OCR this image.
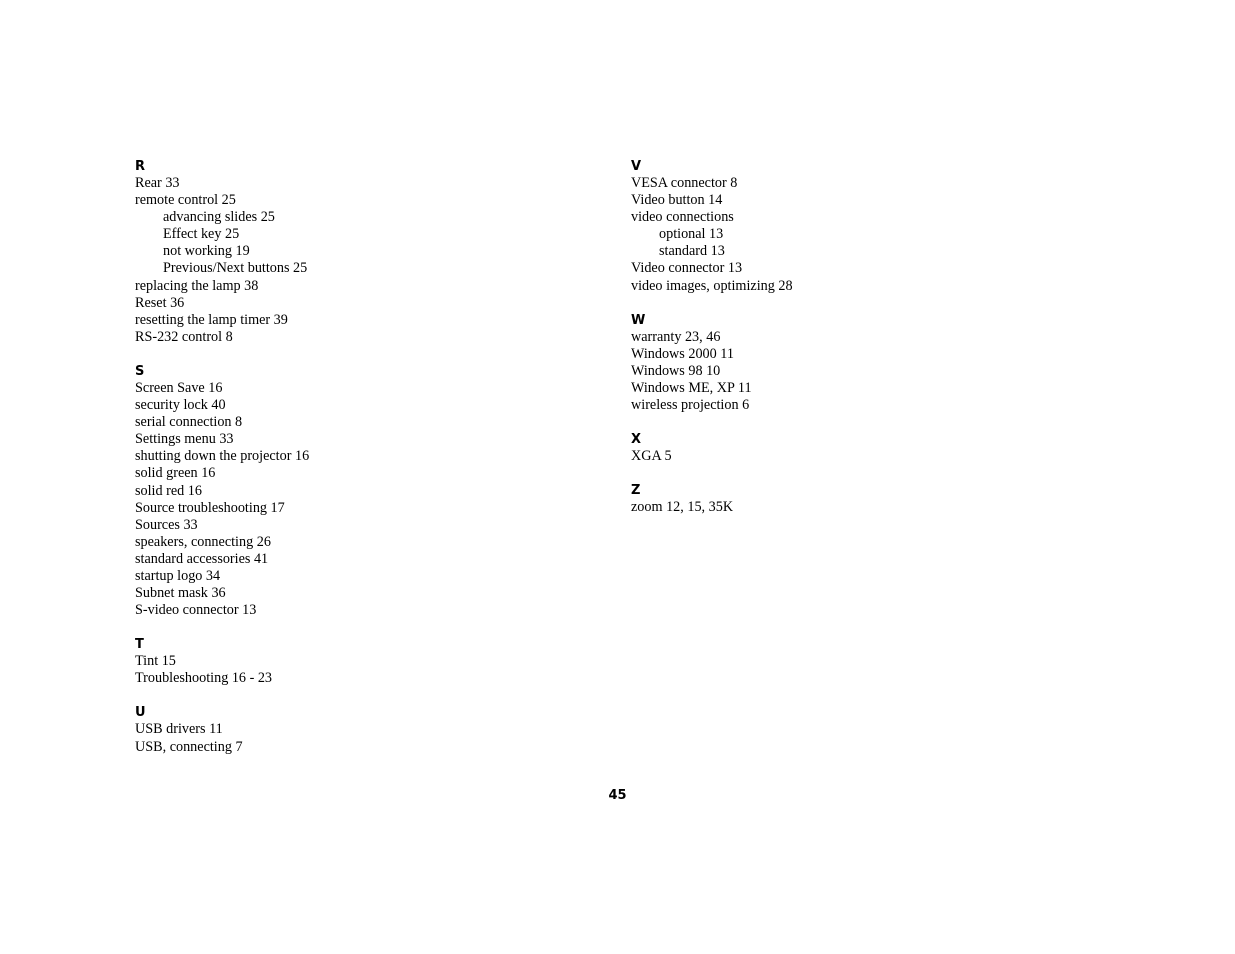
R
Rear 33
remote control 25
advancing slides 25
Effect key 25
not working 19
Previous/Next buttons 25
replacing the lamp 38
Reset 36
resetting the lamp timer 39
RS-232 control 8
S
Screen Save 16
security lock 40
serial connection 8
Settings menu 33
shutting down the projector 16
solid green 16
solid red 16
Source troubleshooting 17
Sources 33
speakers, connecting 26
standard accessories 41
startup logo 34
Subnet mask 36
S-video connector 13
T
Tint 15
Troubleshooting 16 - 23
U
USB drivers 11
USB, connecting 7
V
VESA connector 8
Video button 14
video connections
optional 13
standard 13
Video connector 13
video images, optimizing 28
W
warranty 23, 46
Windows 2000 11
Windows 98 10
Windows ME, XP 11
wireless projection 6
X
XGA 5
Z
zoom 12, 15, 35K
45
